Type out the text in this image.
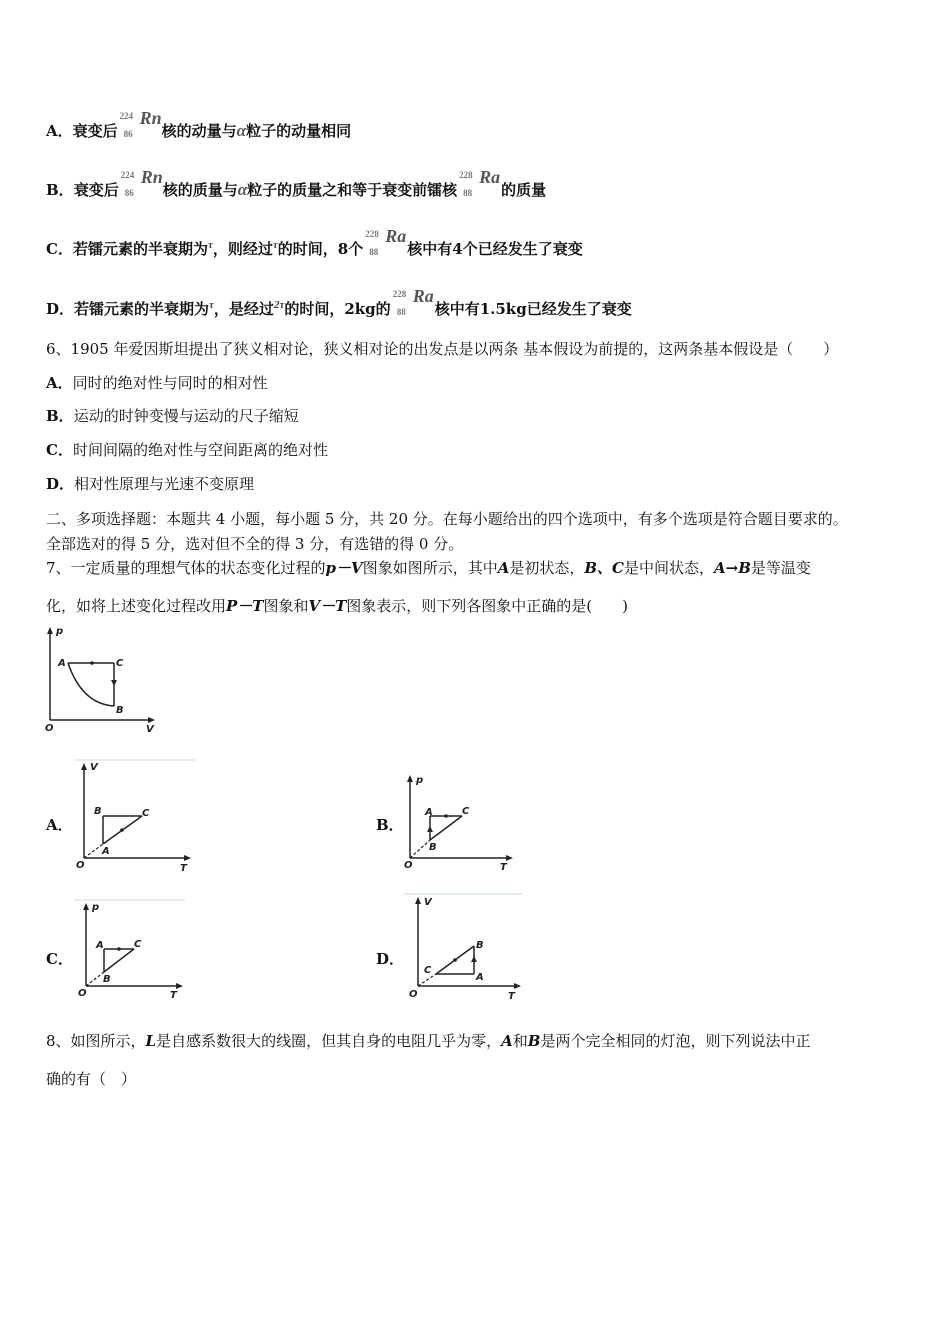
A．衰变后
224
86
Rn
核的动量与α粒子的动量相同
B．衰变后
224
86
Rn
核的质量与α粒子的质量之和等于衰变前镭核
228
88
Ra
的质量
C．若镭元素的半衰期为$^\tau$，则经过$^\tau$的时间，8个
228
88
Ra
核中有4个已经发生了衰变
D．若镭元素的半衰期为$^\tau$，是经过$^{2\tau}$的时间，2kg的
228
88
Ra
核中有1.5kg已经发生了衰变
6、1905 年爱因斯坦提出了狭义相对论，狭义相对论的出发点是以两条 基本假设为前提的，这两条基本假设是（　　）
A．同时的绝对性与同时的相对性
B．运动的时钟变慢与运动的尺子缩短
C．时间间隔的绝对性与空间距离的绝对性
D．相对性原理与光速不变原理
二、多项选择题：本题共 4 小题，每小题 5 分，共 20 分。在每小题给出的四个选项中，有多个选项是符合题目要求的。
全部选对的得 5 分，选对但不全的得 3 分，有选错的得 0 分。
7、一定质量的理想气体的状态变化过程的p－V图象如图所示，其中A是初状态，B、C是中间状态，A→B是等温变
化，如将上述变化过程改用P－T图象和V－T图象表示，则下列各图象中正确的是(　　)
p
V
O
A	C
B
A．
V
T
O
B	C
A
B．
p
T
O
A	C
B
C．
p
T
O
A	C
B
D．
V
T
O
B
C
A
8、如图所示，L是自感系数很大的线圈，但其自身的电阻几乎为零，A和B是两个完全相同的灯泡，则下列说法中正
确的有（　）
